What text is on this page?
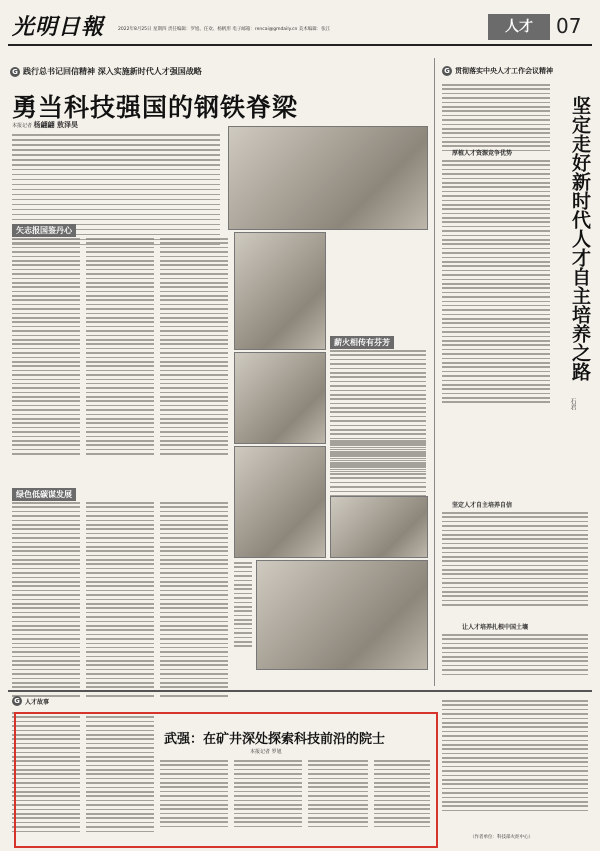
光明日報	2022年8月25日 星期四 责任编辑：罗旭、任欢、杨帆形 电子邮箱：rencai@gmdaily.cn 美术编辑：张江	人才	07
G 践行总书记回信精神 深入实施新时代人才强国战略
勇当科技强国的钢铁脊梁
本报记者 杨翩翩 敖泽昊
矢志报国鉴丹心
薪火相传有芬芳
绿色低碳谋发展
G 贯彻落实中央人才工作会议精神
坚定走好新时代人才自主培养之路
石君
厚植人才资源竞争优势
坚定人才自主培养自信
让人才培养扎根中国土壤
G 人才故事
武强：在矿井深处探索科技前沿的院士
本报记者 罗旭
（作者单位：科技部火炬中心）
